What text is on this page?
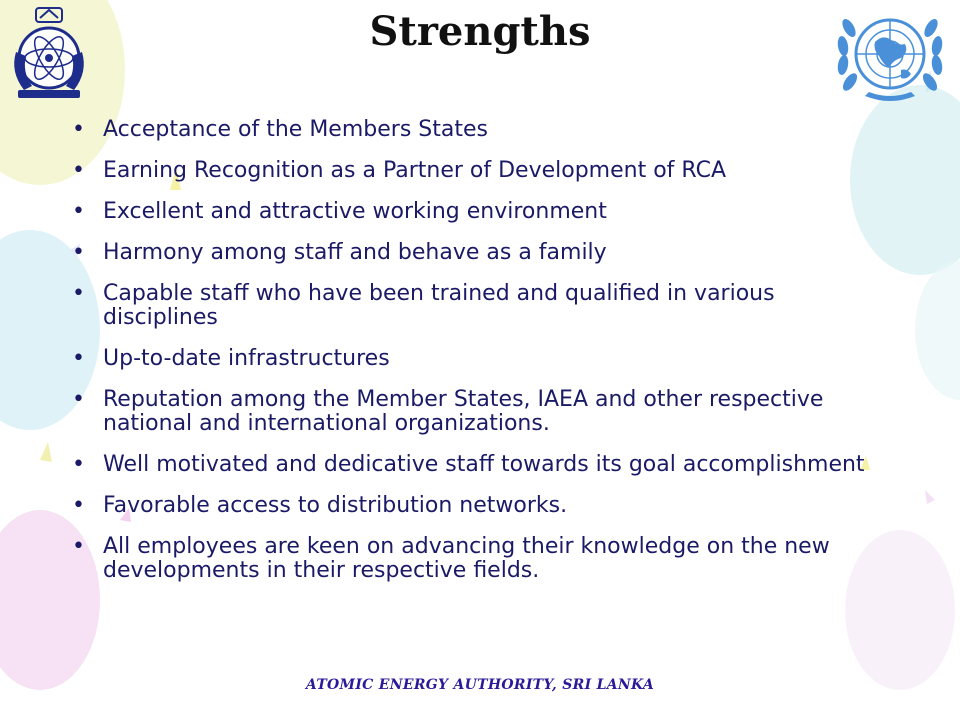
Strengths
• Acceptance of the Members States
• Earning Recognition as a Partner of Development of RCA
• Excellent and attractive working environment
• Harmony among staff and behave as a family
• Capable staff who have been trained and qualified in various disciplines
• Up-to-date infrastructures
• Reputation among the Member States, IAEA and other respective national and international organizations.
• Well motivated and dedicative staff towards its goal accomplishment
• Favorable access to distribution networks.
• All employees are keen on advancing their knowledge on the new developments in their respective fields.
ATOMIC ENERGY AUTHORITY, SRI LANKA
